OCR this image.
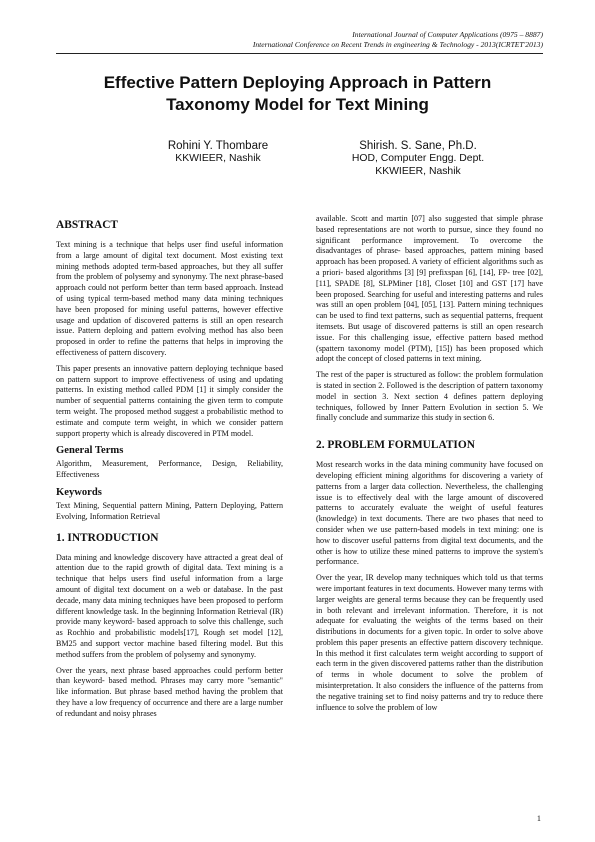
International Journal of Computer Applications (0975 – 8887)
International Conference on Recent Trends in engineering & Technology - 2013(ICRTET'2013)
Effective Pattern Deploying Approach in Pattern Taxonomy Model for Text Mining
Rohini Y. Thombare
KKWIEER, Nashik
Shirish. S. Sane, Ph.D.
HOD, Computer Engg. Dept.
KKWIEER, Nashik
ABSTRACT

Text mining is a technique that helps user find useful information from a large amount of digital text document. Most existing text mining methods adopted term-based approaches, but they all suffer from the problem of polysemy and synonymy. The next phrase-based approach could not perform better than term based approach. Instead of using typical term-based method many data mining techniques have been proposed for mining useful patterns, however effective usage and updation of discovered patterns is still an open research issue. Pattern deploing and pattern evolving method has also been proposed in order to refine the patterns that helps in improving the effectiveness of pattern discovery.

This paper presents an innovative pattern deploying technique based on pattern support to improve effectiveness of using and updating patterns. In existing method called PDM [1] it simply consider the number of sequential patterns containing the given term to compute term weight. The proposed method suggest a probabilistic method to estimate and compute term weight, in which we consider pattern support property which is already discovered in PTM model.

General Terms

Algorithm, Measurement, Performance, Design, Reliability, Effectiveness

Keywords

Text Mining, Sequential pattern Mining, Pattern Deploying, Pattern Evolving, Information Retrieval

1. INTRODUCTION

Data mining and knowledge discovery have attracted a great deal of attention due to the rapid growth of digital data. Text mining is a technique that helps users find useful information from a large amount of digital text document on a web or database. In the past decade, many data mining techniques have been proposed to perform different knowledge task. In the beginning Information Retrieval (IR) provide many keyword- based approach to solve this challenge, such as Rochhio and probabilistic models[17], Rough set model [12], BM25 and support vector machine based filtering model. But this method suffers from the problem of polysemy and synonymy.

Over the years, next phrase based approaches could perform better than keyword- based method. Phrases may carry more "semantic" like information. But phrase based method having the problem that they have a low frequency of occurrence and there are a large number of redundant and noisy phrases

available. Scott and martin [07] also suggested that simple phrase based representations are not worth to pursue, since they found no significant performance improvement. To overcome the disadvantages of phrase- based approaches, pattern mining based approach has been proposed. A variety of efficient algorithms such as a priori- based algorithms [3] [9] prefixspan [6], [14], FP- tree [02], [11], SPADE [8], SLPMiner [18], Closet [10] and GST [17] have been proposed. Searching for useful and interesting patterns and rules was still an open problem [04], [05], [13]. Pattern mining techniques can be used to find text patterns, such as sequential patterns, frequent itemsets. But usage of discovered patterns is still an open research issue. For this challenging issue, effective pattern based method (spattern taxonomy model (PTM), [15]) has been proposed which adopt the concept of closed patterns in text mining.

The rest of the paper is structured as follow: the problem formulation is stated in section 2. Followed is the description of pattern taxonomy model in section 3. Next section 4 defines pattern deploying techniques, followed by Inner Pattern Evolution in section 5. We finally conclude and summarize this study in section 6.

2. PROBLEM FORMULATION

Most research works in the data mining community have focused on developing efficient mining algorithms for discovering a variety of patterns from a larger data collection. Nevertheless, the challenging issue is to effectively deal with the large amount of discovered patterns to accurately evaluate the weight of useful features (knowledge) in text documents. There are two phases that need to consider when we use pattern-based models in text mining: one is how to discover useful patterns from digital text documents, and the other is how to utilize these mined patterns to improve the system's performance.

Over the year, IR develop many techniques which told us that terms were important features in text documents. However many terms with larger weights are general terms because they can be frequently used in both relevant and irrelevant information. Therefore, it is not adequate for evaluating the weights of the terms based on their distributions in documents for a given topic. In order to solve above problem this paper presents an effective pattern discovery technique. In this method it first calculates term weight according to support of each term in the given discovered patterns rather than the distribution of terms in whole document to solve the problem of misinterpretation. It also considers the influence of the patterns from the negative training set to find noisy patterns and try to reduce there influence to solve the problem of low

1
